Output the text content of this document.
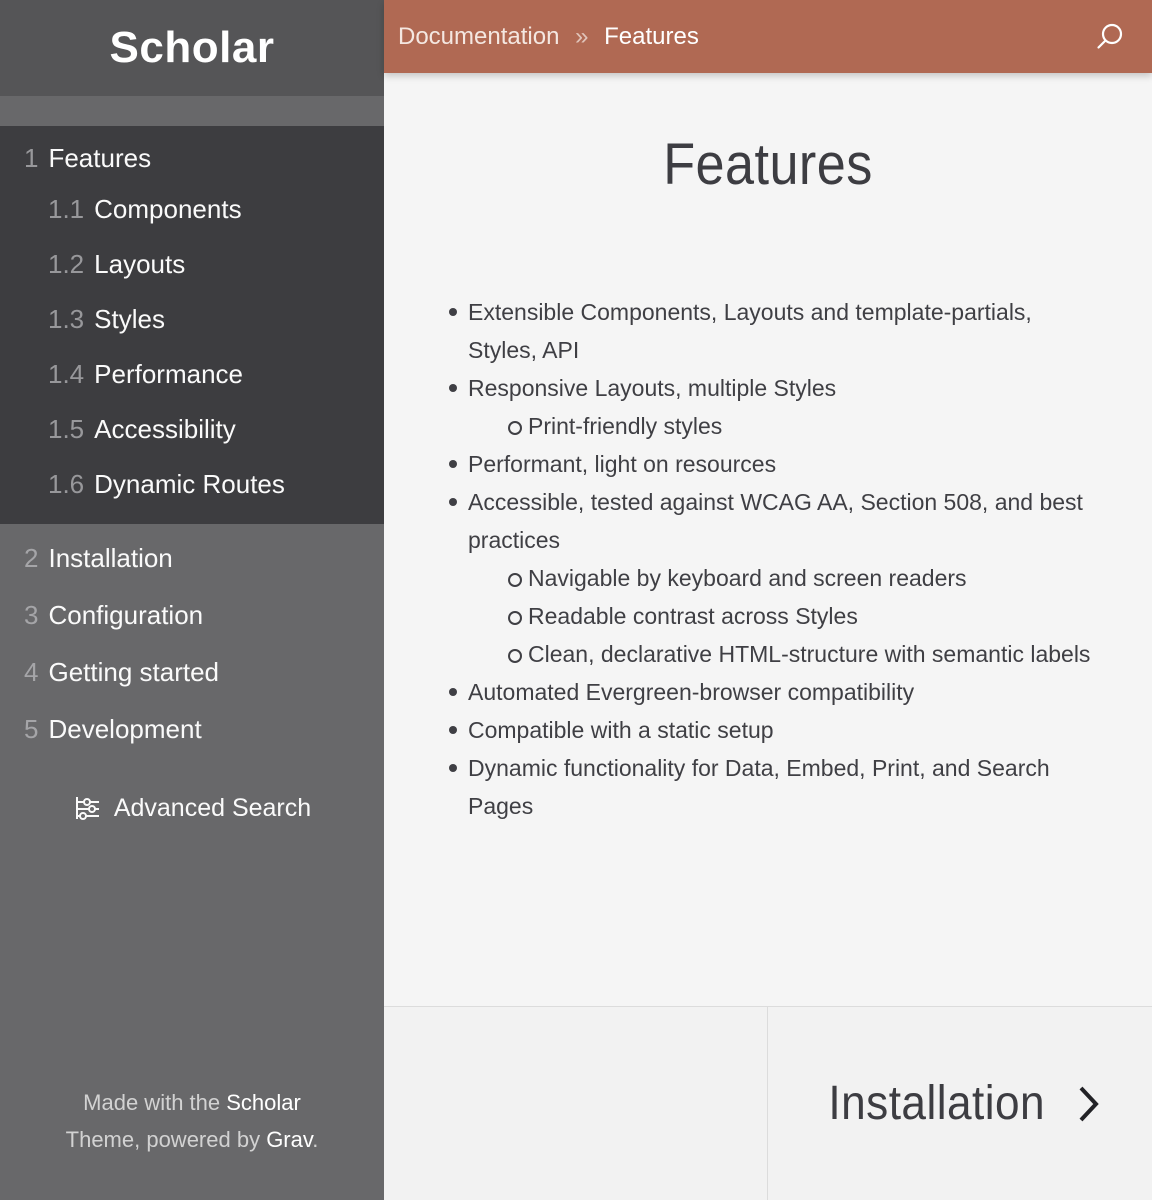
Scholar
1 Features
1.1 Components
1.2 Layouts
1.3 Styles
1.4 Performance
1.5 Accessibility
1.6 Dynamic Routes
2 Installation
3 Configuration
4 Getting started
5 Development
Advanced Search
Made with the Scholar Theme, powered by Grav.
Documentation » Features
Features
Extensible Components, Layouts and template-partials, Styles, API
Responsive Layouts, multiple Styles
Print-friendly styles
Performant, light on resources
Accessible, tested against WCAG AA, Section 508, and best practices
Navigable by keyboard and screen readers
Readable contrast across Styles
Clean, declarative HTML-structure with semantic labels
Automated Evergreen-browser compatibility
Compatible with a static setup
Dynamic functionality for Data, Embed, Print, and Search Pages
Installation
